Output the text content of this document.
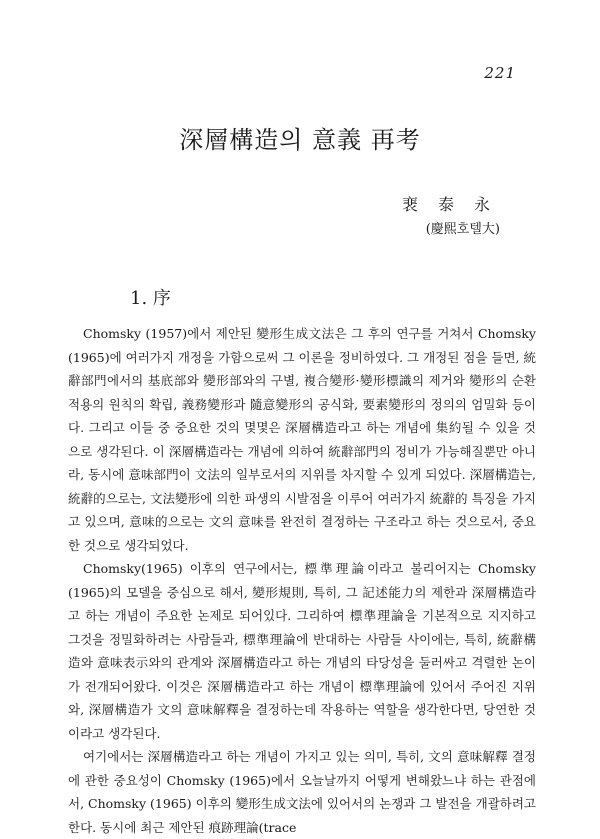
221
深層構造의 意義 再考
裵泰永
(慶熙호텔大)
1. 序

Chomsky (1957)에서 제안된 變形生成文法은 그 후의 연구를 거쳐서 Chomsky (1965)에 여러가지 개정을 가함으로써 그 이론을 정비하였다. 그 개정된 점을 들면, 統辭部門에서의 基底部와 變形部와의 구별, 複合變形·變形標識의 제거와 變形의 순환 적용의 원칙의 확립, 義務變形과 隨意變形의 공식화, 要素變形의 정의의 엄밀화 등이다. 그리고 이들 중 중요한 것의 몇몇은 深層構造라고 하는 개념에 集約될 수 있을 것으로 생각된다. 이 深層構造라는 개념에 의하여 統辭部門의 정비가 가능해질뿐만 아니라, 동시에 意味部門이 文法의 일부로서의 지위를 차지할 수 있게 되었다. 深層構造는, 統辭的으로는, 文法變形에 의한 파생의 시발점을 이루어 여러가지 統辭的 특징을 가지고 있으며, 意味的으로는 文의 意味를 완전히 결정하는 구조라고 하는 것으로서, 중요한 것으로 생각되었다.

Chomsky(1965) 이후의 연구에서는, 標準理論이라고 불리어지는 Chomsky (1965)의 모델을 중심으로 해서, 變形規則, 특히, 그 記述能力의 제한과 深層構造라고 하는 개념이 주요한 논제로 되어있다. 그리하여 標準理論을 기본적으로 지지하고 그것을 정밀화하려는 사람들과, 標準理論에 반대하는 사람들 사이에는, 특히, 統辭構造와 意味表示와의 관계와 深層構造라고 하는 개념의 타당성을 둘러싸고 격렬한 논이가 전개되어왔다. 이것은 深層構造라고 하는 개념이 標準理論에 있어서 주어진 지위와, 深層構造가 文의 意味解釋을 결정하는데 작용하는 역할을 생각한다면, 당연한 것이라고 생각된다.

여기에서는 深層構造라고 하는 개념이 가지고 있는 의미, 특히, 文의 意味解釋 결정에 관한 중요성이 Chomsky (1965)에서 오늘날까지 어떻게 변해왔느냐 하는 관점에서, Chomsky (1965) 이후의 變形生成文法에 있어서의 논쟁과 그 발전을 개괄하려고 한다. 동시에 최근 제안된 痕跡理論(trace
